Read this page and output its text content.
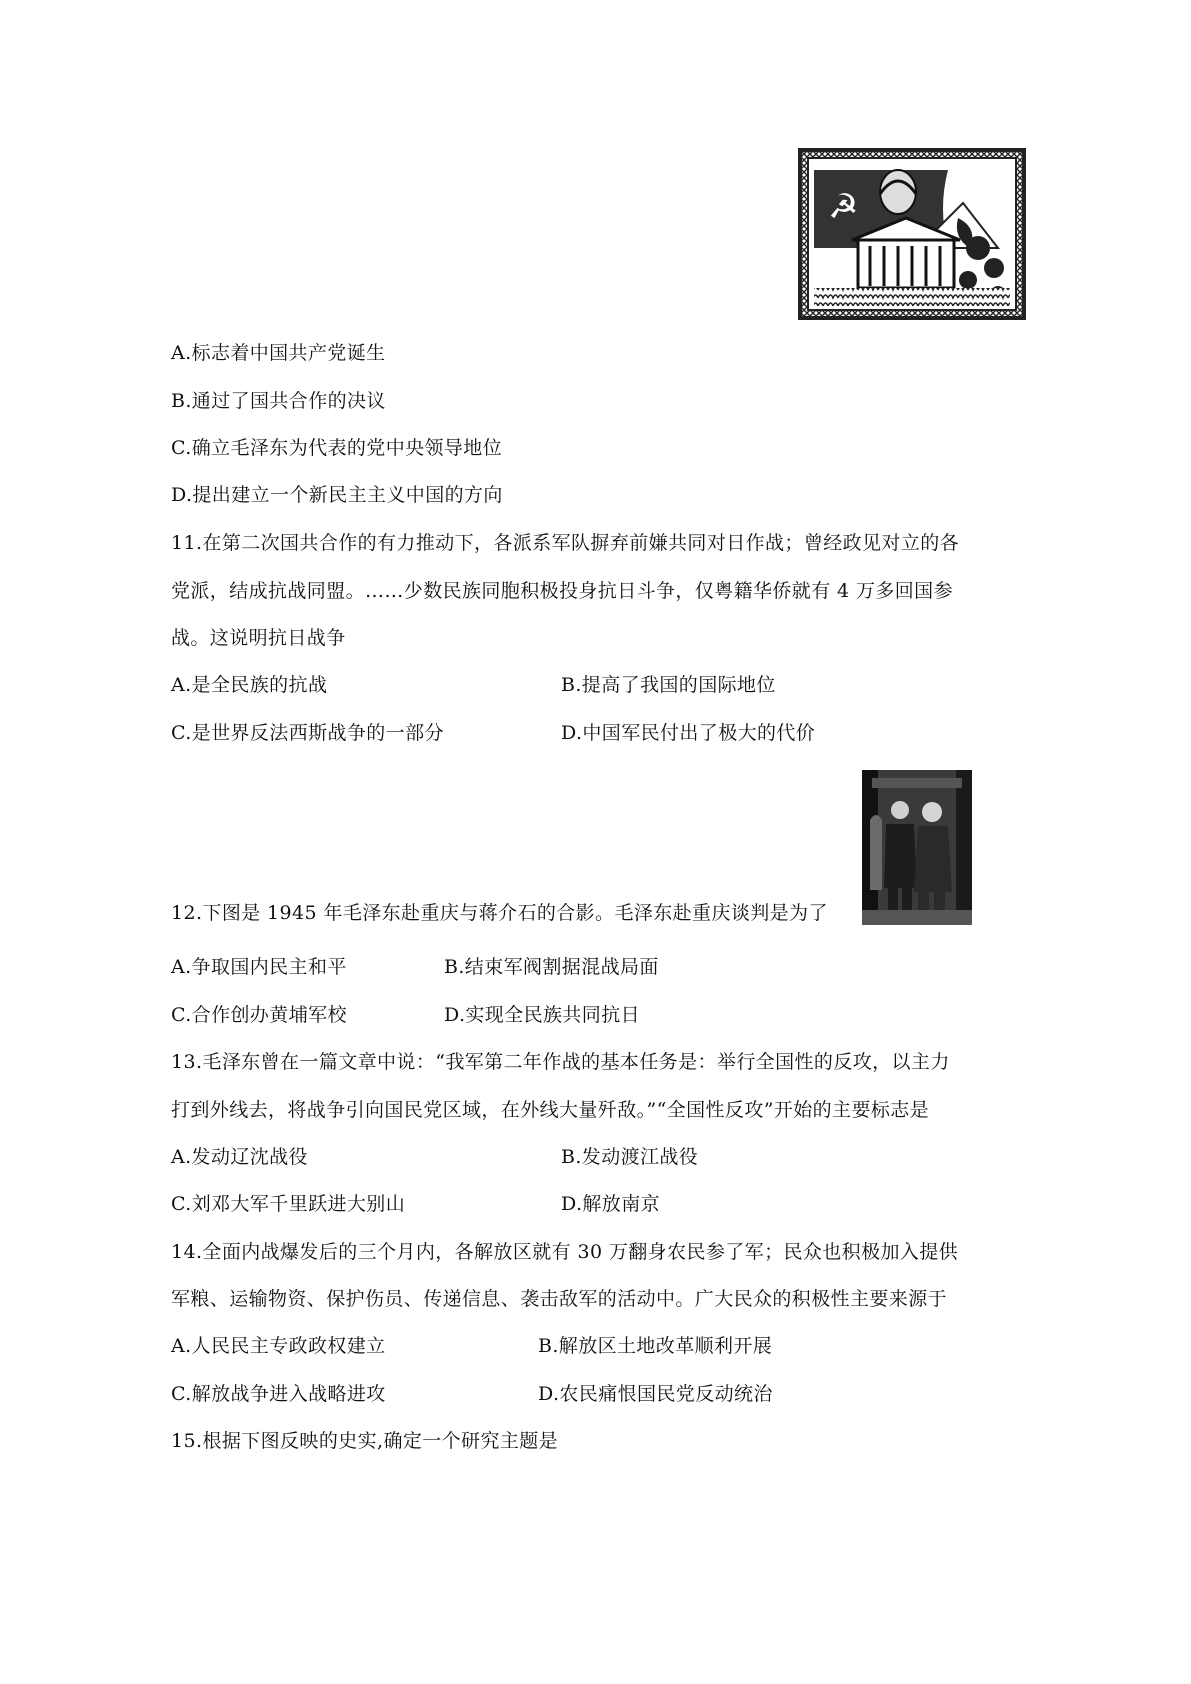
☭
A.标志着中国共产党诞生
B.通过了国共合作的决议
C.确立毛泽东为代表的党中央领导地位
D.提出建立一个新民主主义中国的方向
11.在第二次国共合作的有力推动下，各派系军队摒弃前嫌共同对日作战；曾经政见对立的各
党派，结成抗战同盟。……少数民族同胞积极投身抗日斗争，仅粤籍华侨就有 4 万多回国参
战。这说明抗日战争
A.是全民族的抗战	B.提高了我国的国际地位
C.是世界反法西斯战争的一部分	D.中国军民付出了极大的代价
12.下图是 1945 年毛泽东赴重庆与蒋介石的合影。毛泽东赴重庆谈判是为了
A.争取国内民主和平	B.结束军阀割据混战局面
C.合作创办黄埔军校	D.实现全民族共同抗日
13.毛泽东曾在一篇文章中说：“我军第二年作战的基本任务是：举行全国性的反攻，以主力
打到外线去，将战争引向国民党区域，在外线大量歼敌。”“全国性反攻”开始的主要标志是
A.发动辽沈战役	B.发动渡江战役
C.刘邓大军千里跃进大别山	D.解放南京
14.全面内战爆发后的三个月内，各解放区就有 30 万翻身农民参了军；民众也积极加入提供
军粮、运输物资、保护伤员、传递信息、袭击敌军的活动中。广大民众的积极性主要来源于
A.人民民主专政政权建立	B.解放区土地改革顺利开展
C.解放战争进入战略进攻	D.农民痛恨国民党反动统治
15.根据下图反映的史实,确定一个研究主题是
